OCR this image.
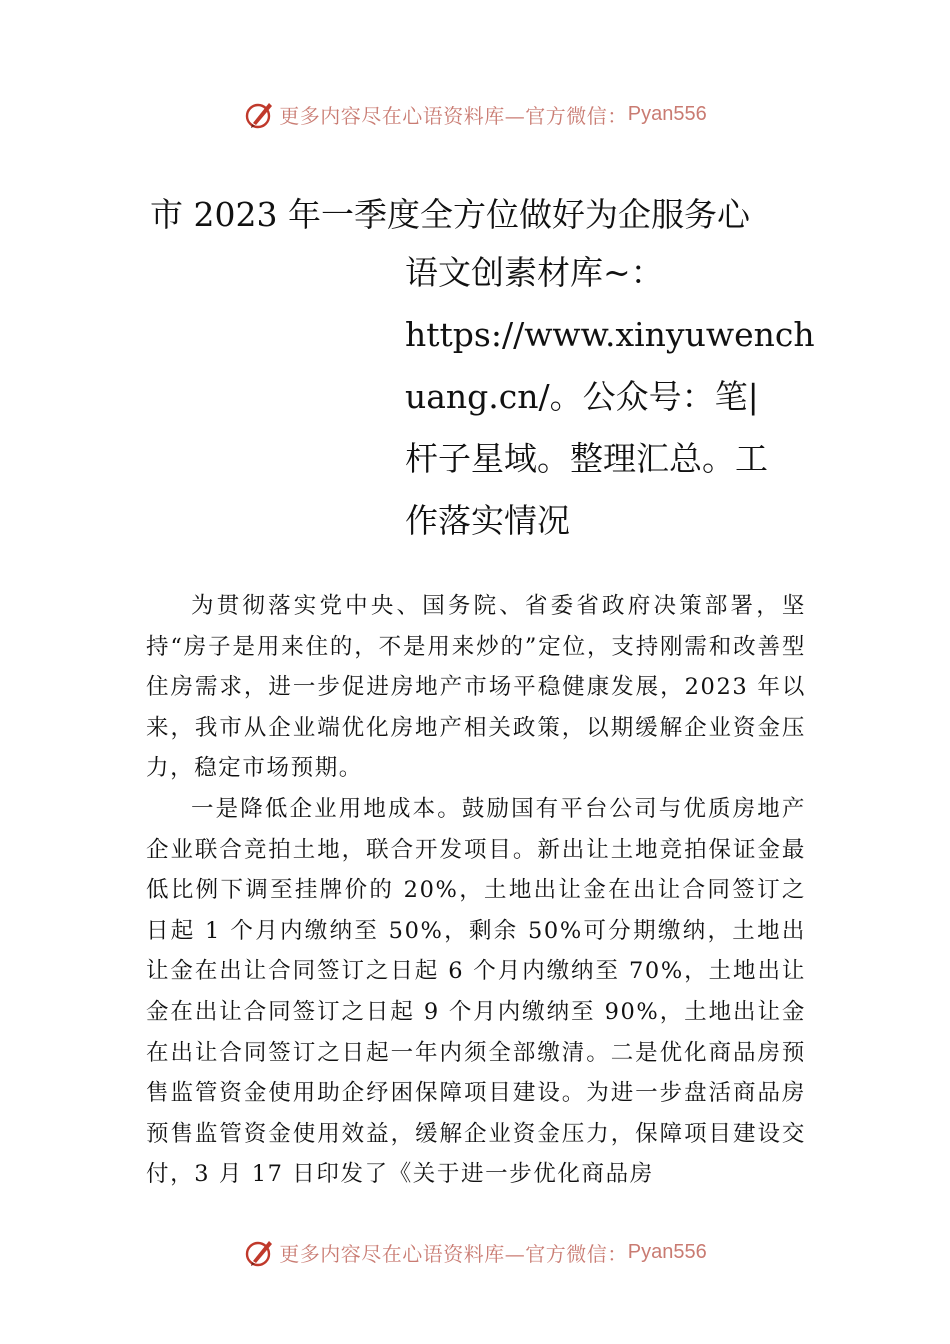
更多内容尽在心语资料库—官方微信： Pyan556
市 2023 年一季度全方位做好为企服务心
语文创素材库~：
https://www.xinyuwench
uang.cn/。公众号：笔|
杆子星域。整理汇总。工
作落实情况

为贯彻落实党中央、国务院、省委省政府决策部署，坚持“房子是用来住的，不是用来炒的”定位，支持刚需和改善型住房需求，进一步促进房地产市场平稳健康发展，2023 年以来，我市从企业端优化房地产相关政策，以期缓解企业资金压力，稳定市场预期。

一是降低企业用地成本。鼓励国有平台公司与优质房地产企业联合竞拍土地，联合开发项目。新出让土地竞拍保证金最低比例下调至挂牌价的 20%，土地出让金在出让合同签订之日起 1 个月内缴纳至 50%，剩余 50%可分期缴纳，土地出让金在出让合同签订之日起 6 个月内缴纳至 70%，土地出让金在出让合同签订之日起 9 个月内缴纳至 90%，土地出让金在出让合同签订之日起一年内须全部缴清。二是优化商品房预售监管资金使用助企纾困保障项目建设。为进一步盘活商品房预售监管资金使用效益，缓解企业资金压力，保障项目建设交付，3 月 17 日印发了《关于进一步优化商品房

更多内容尽在心语资料库—官方微信： Pyan556
